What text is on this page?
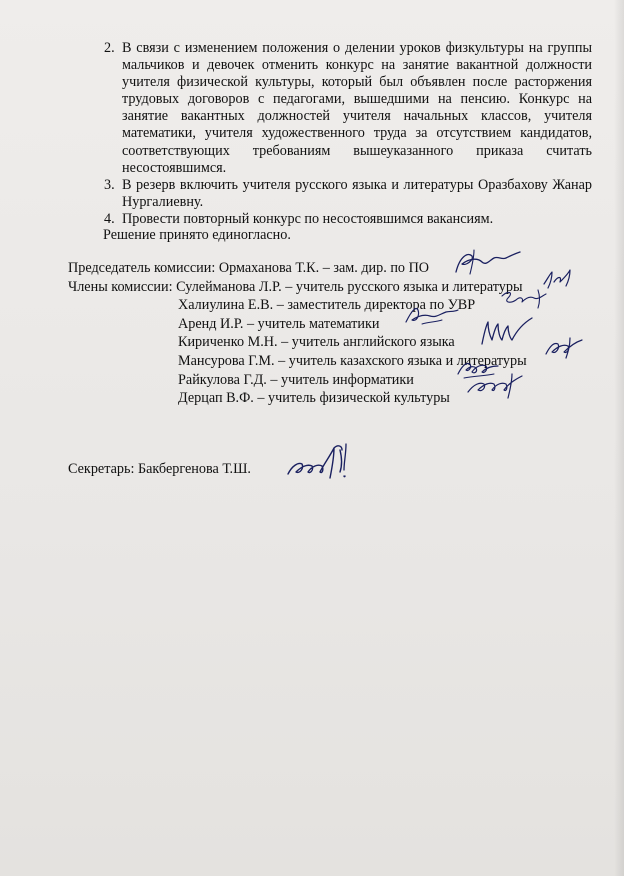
2. В связи с изменением положения о делении уроков физкультуры на группы мальчиков и девочек отменить конкурс на занятие вакантной должности учителя физической культуры, который был объявлен после расторжения трудовых договоров с педагогами, вышедшими на пенсию. Конкурс на занятие вакантных должностей учителя начальных классов, учителя математики, учителя художественного труда за отсутствием кандидатов, соответствующих требованиям вышеуказанного приказа считать несостоявшимся.
3. В резерв включить учителя русского языка и литературы Оразбахову Жанар Нургалиевну.
4. Провести повторный конкурс по несостоявшимся вакансиям.
Решение принято единогласно.
Председатель комиссии: Ормаханова Т.К. – зам. дир. по ПО
Члены комиссии: Сулейманова Л.Р. – учитель русского языка и литературы
Халиулина Е.В. – заместитель директора по УВР
Аренд И.Р. – учитель математики
Кириченко М.Н. – учитель английского языка
Мансурова Г.М. – учитель казахского языка и литературы
Райкулова Г.Д. – учитель информатики
Дерцап В.Ф. – учитель физической культуры
Секретарь: Бакбергенова Т.Ш.
